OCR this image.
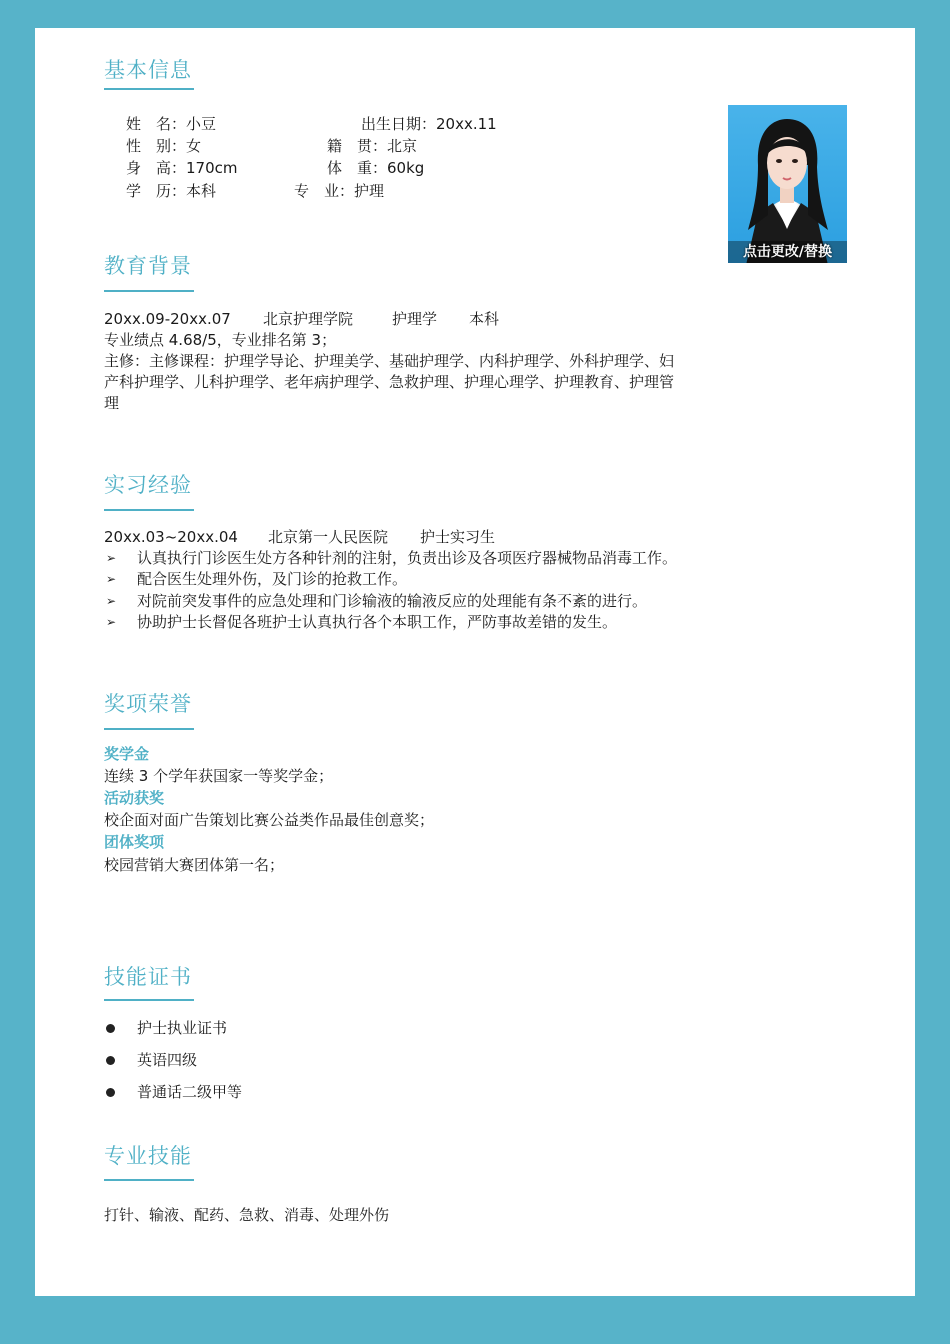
基本信息
姓　名：小豆	出生日期：20xx.11
性　别：女	籍　贯：北京
身　高：170cm	体　重：60kg
学　历：本科	专　业：护理
点击更改/替换
教育背景
20xx.09-20xx.07 北京护理学院	护理学 本科
专业绩点 4.68/5，专业排名第 3；
主修：主修课程：护理学导论、护理美学、基础护理学、内科护理学、外科护理学、妇产科护理学、儿科护理学、老年病护理学、急救护理、护理心理学、护理教育、护理管理
实习经验
20xx.03~20xx.04 北京第一人民医院 护士实习生
➢ 认真执行门诊医生处方各种针剂的注射，负责出诊及各项医疗器械物品消毒工作。
➢ 配合医生处理外伤，及门诊的抢救工作。
➢ 对院前突发事件的应急处理和门诊输液的输液反应的处理能有条不紊的进行。
➢ 协助护士长督促各班护士认真执行各个本职工作，严防事故差错的发生。
奖项荣誉
奖学金
连续 3 个学年获国家一等奖学金；
活动获奖
校企面对面广告策划比赛公益类作品最佳创意奖；
团体奖项
校园营销大赛团体第一名；
技能证书
护士执业证书
英语四级
普通话二级甲等
专业技能
打针、输液、配药、急救、消毒、处理外伤
